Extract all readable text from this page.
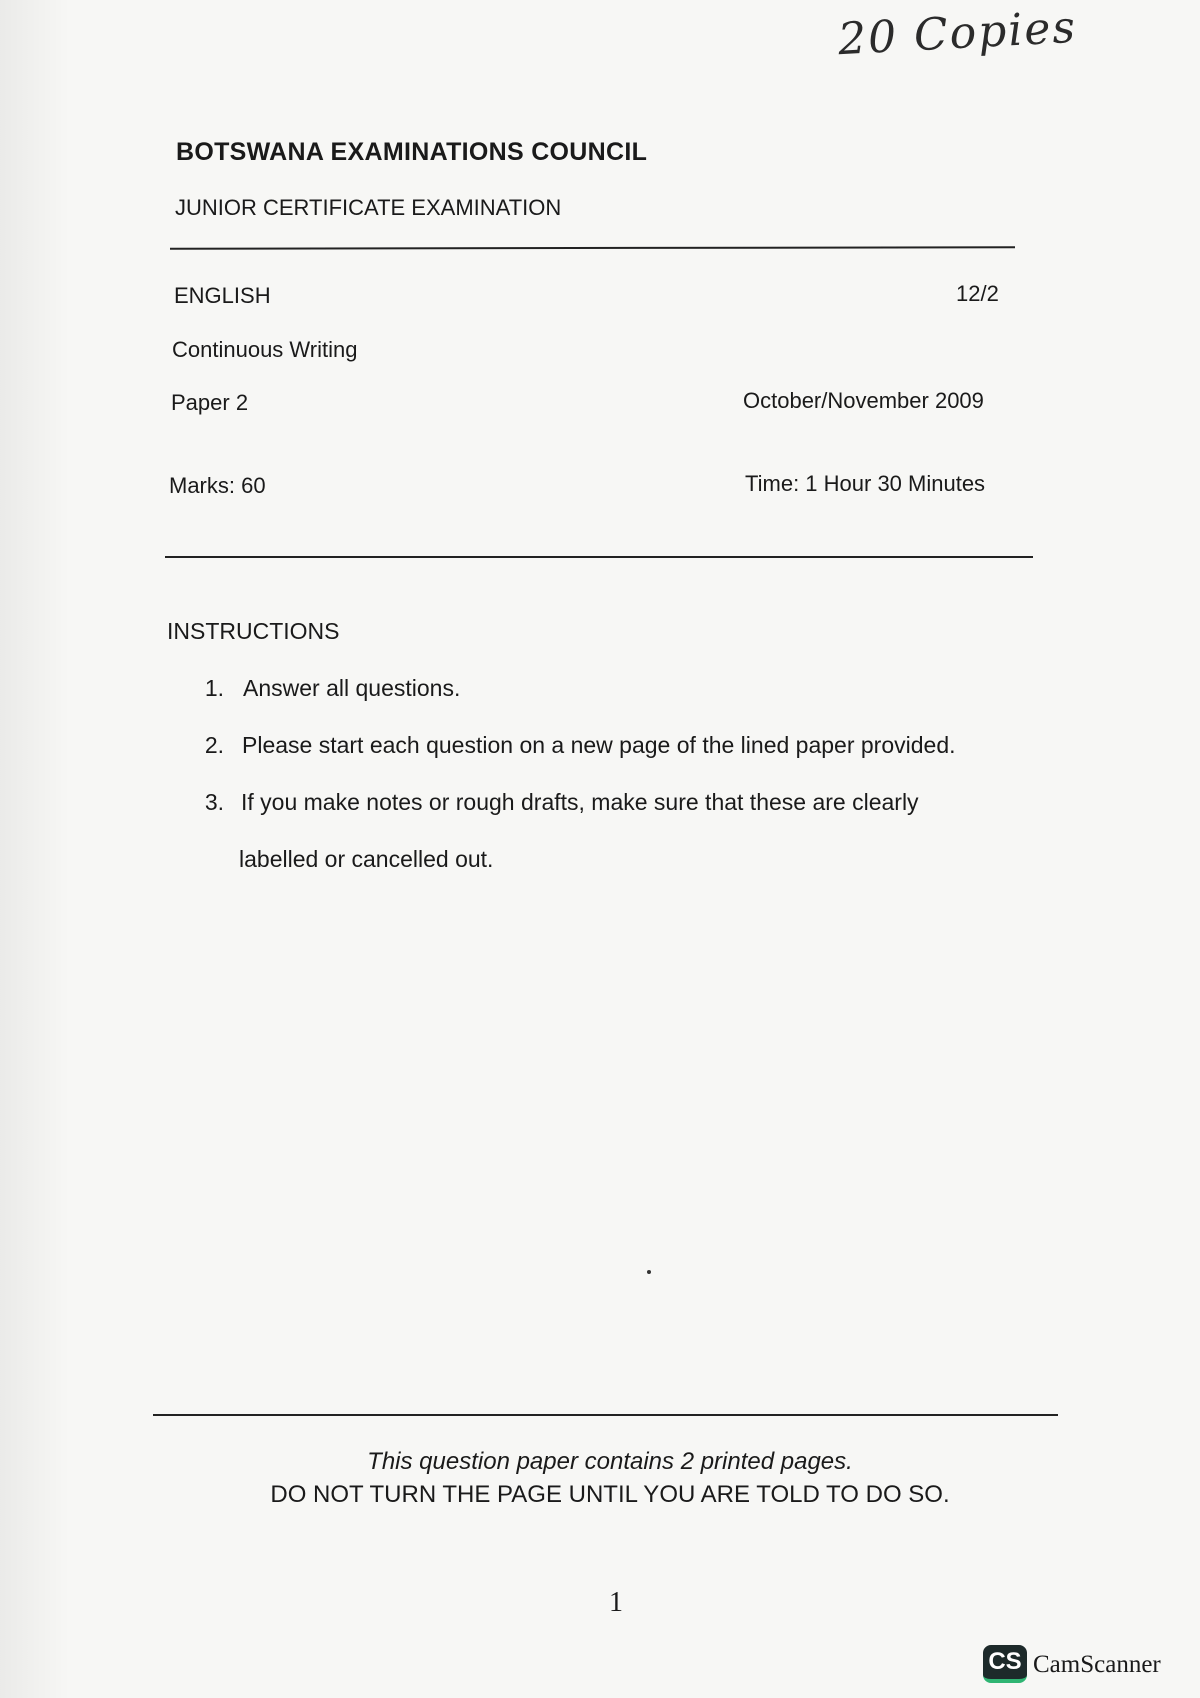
20 Copies
BOTSWANA EXAMINATIONS COUNCIL
JUNIOR CERTIFICATE EXAMINATION
ENGLISH	12/2
Continuous Writing
Paper 2	October/November 2009
Marks: 60	Time: 1 Hour 30 Minutes
INSTRUCTIONS
1. Answer all questions.
2. Please start each question on a new page of the lined paper provided.
3. If you make notes or rough drafts, make sure that these are clearly
labelled or cancelled out.
This question paper contains 2 printed pages.
DO NOT TURN THE PAGE UNTIL YOU ARE TOLD TO DO SO.
1
CS CamScanner
